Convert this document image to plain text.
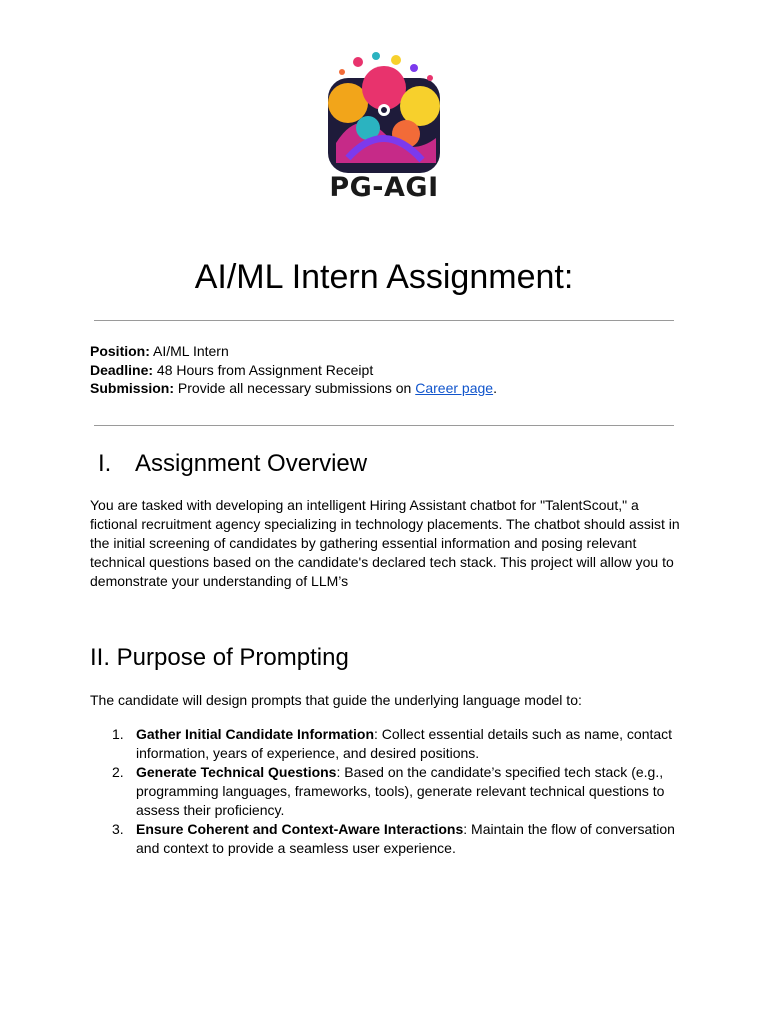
PG-AGI
AI/ML Intern Assignment:
Position: AI/ML Intern
Deadline: 48 Hours from Assignment Receipt
Submission: Provide all necessary submissions on Career page.
I. Assignment Overview

You are tasked with developing an intelligent Hiring Assistant chatbot for "TalentScout," a fictional recruitment agency specializing in technology placements. The chatbot should assist in the initial screening of candidates by gathering essential information and posing relevant technical questions based on the candidate's declared tech stack. This project will allow you to demonstrate your understanding of LLM’s

II. Purpose of Prompting

The candidate will design prompts that guide the underlying language model to:

1. Gather Initial Candidate Information: Collect essential details such as name, contact information, years of experience, and desired positions.
2. Generate Technical Questions: Based on the candidate’s specified tech stack (e.g., programming languages, frameworks, tools), generate relevant technical questions to assess their proficiency.
3. Ensure Coherent and Context-Aware Interactions: Maintain the flow of conversation and context to provide a seamless user experience.
